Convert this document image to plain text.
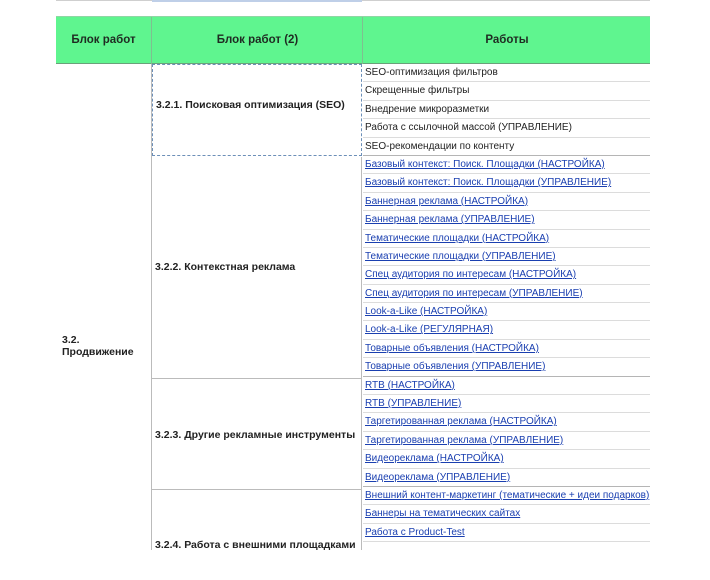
Блок работ	Блок работ (2)	Работы
3.2. Продвижение
3.2.1. Поисковая оптимизация (SEO)
3.2.2. Контекстная реклама
3.2.3. Другие рекламные инструменты
3.2.4. Работа с внешними площадками
SEO-оптимизация фильтров
Скрещенные фильтры
Внедрение микроразметки
Работа с ссылочной массой (УПРАВЛЕНИЕ)
SEO-рекомендации по контенту
Базовый контекст: Поиск. Площадки (НАСТРОЙКА)
Базовый контекст: Поиск. Площадки (УПРАВЛЕНИЕ)
Баннерная реклама (НАСТРОЙКА)
Баннерная реклама (УПРАВЛЕНИЕ)
Тематические площадки (НАСТРОЙКА)
Тематические площадки (УПРАВЛЕНИЕ)
Спец аудитория по интересам (НАСТРОЙКА)
Спец аудитория по интересам (УПРАВЛЕНИЕ)
Look-a-Like (НАСТРОЙКА)
Look-a-Like (РЕГУЛЯРНАЯ)
Товарные объявления (НАСТРОЙКА)
Товарные объявления (УПРАВЛЕНИЕ)
RTB (НАСТРОЙКА)
RTB (УПРАВЛЕНИЕ)
Таргетированная реклама (НАСТРОЙКА)
Таргетированная реклама (УПРАВЛЕНИЕ)
Видеореклама (НАСТРОЙКА)
Видеореклама (УПРАВЛЕНИЕ)
Внешний контент-маркетинг (тематические + идеи подарков)
Баннеры на тематических сайтах
Работа с Product-Test
